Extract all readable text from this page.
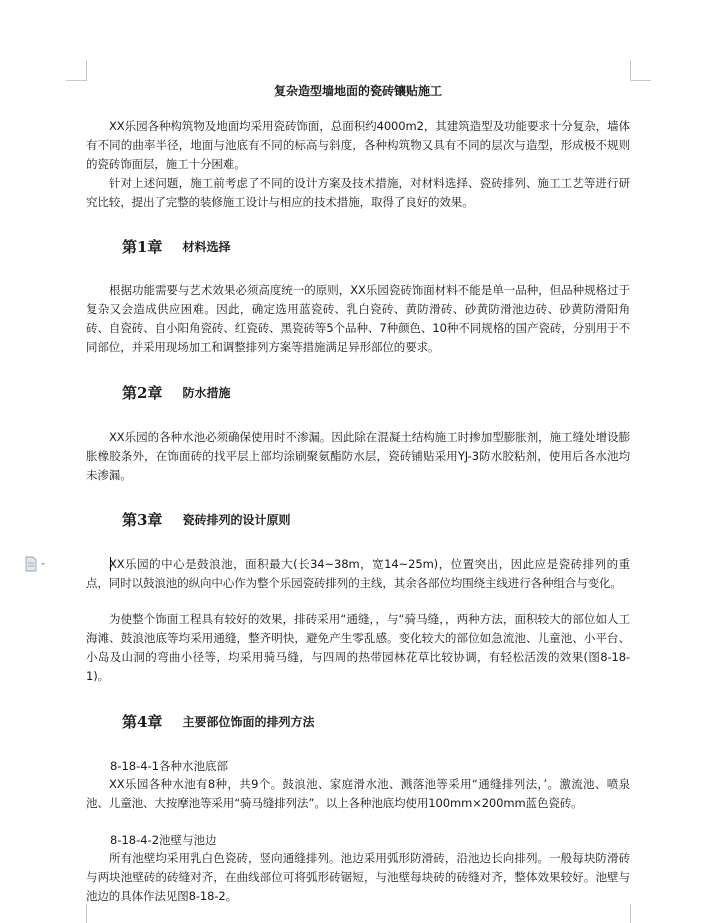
复杂造型墙地面的瓷砖镶贴施工

XX乐园各种构筑物及地面均采用瓷砖饰面，总面积约4000m2，其建筑造型及功能要求十分复杂，墙体有不同的曲率半径，地面与池底有不同的标高与斜度，各种构筑物又具有不同的层次与造型，形成极不规则的瓷砖饰面层，施工十分困难。

针对上述问题，施工前考虑了不同的设计方案及技术措施，对材料选择、瓷砖排列、施工工艺等进行研究比较，提出了完整的装修施工设计与相应的技术措施，取得了良好的效果。

第1章 材料选择

根据功能需要与艺术效果必须高度统一的原则，XX乐园瓷砖饰面材料不能是单一品种，但品种规格过于复杂又会造成供应困难。因此，确定选用蓝瓷砖、乳白瓷砖、黄防滑砖、砂黄防滑池边砖、砂黄防滑阳角砖、自瓷砖、自小阳角瓷砖、红瓷砖、黑瓷砖等5个品种、7种颜色、10种不同规格的国产瓷砖，分别用于不同部位，并采用现场加工和调整排列方案等措施满足异形部位的要求。

第2章 防水措施

XX乐园的各种水池必须确保使用时不渗漏。因此除在混凝土结构施工时掺加型膨胀剂，施工缝处增设膨胀橡胶条外，在饰面砖的找平层上部均涂刷聚氨酯防水层，瓷砖铺贴采用YJ-3防水胶粘剂，使用后各水池均未渗漏。

第3章 瓷砖排列的设计原则

XX乐园的中心是鼓浪池，面积最大(长34~38m，宽14~25m)，位置突出，因此应是瓷砖排列的重点，同时以鼓浪池的纵向中心作为整个乐园瓷砖排列的主线，其余各部位均围绕主线进行各种组合与变化。

为使整个饰面工程具有较好的效果，排砖采用“通缝，，与“骑马缝，，两种方法，面积较大的部位如人工海滩、鼓浪池底等均采用通缝，整齐明快，避免产生零乱感。变化较大的部位如急流池、儿童池、小平台、小岛及山洞的弯曲小径等，均采用骑马缝，与四周的热带园林花草比较协调，有轻松活泼的效果(图8-18-1)。

第4章 主要部位饰面的排列方法
8-18-4-1各种水池底部

XX乐园各种水池有8种，共9个。鼓浪池、家庭滑水池、溅落池等采用“通缝排列法，’。激流池、喷泉池、儿童池、大按摩池等采用“骑马缝排列法”。以上各种池底均使用100mm×200mm蓝色瓷砖。

8-18-4-2池壁与池边

所有池壁均采用乳白色瓷砖，竖向通缝排列。池边采用弧形防滑砖，沿池边长向排列。一般每块防滑砖与两块池壁砖的砖缝对齐，在曲线部位可将弧形砖锯短，与池壁每块砖的砖缝对齐，整体效果较好。池壁与池边的具体作法见图8-18-2。
